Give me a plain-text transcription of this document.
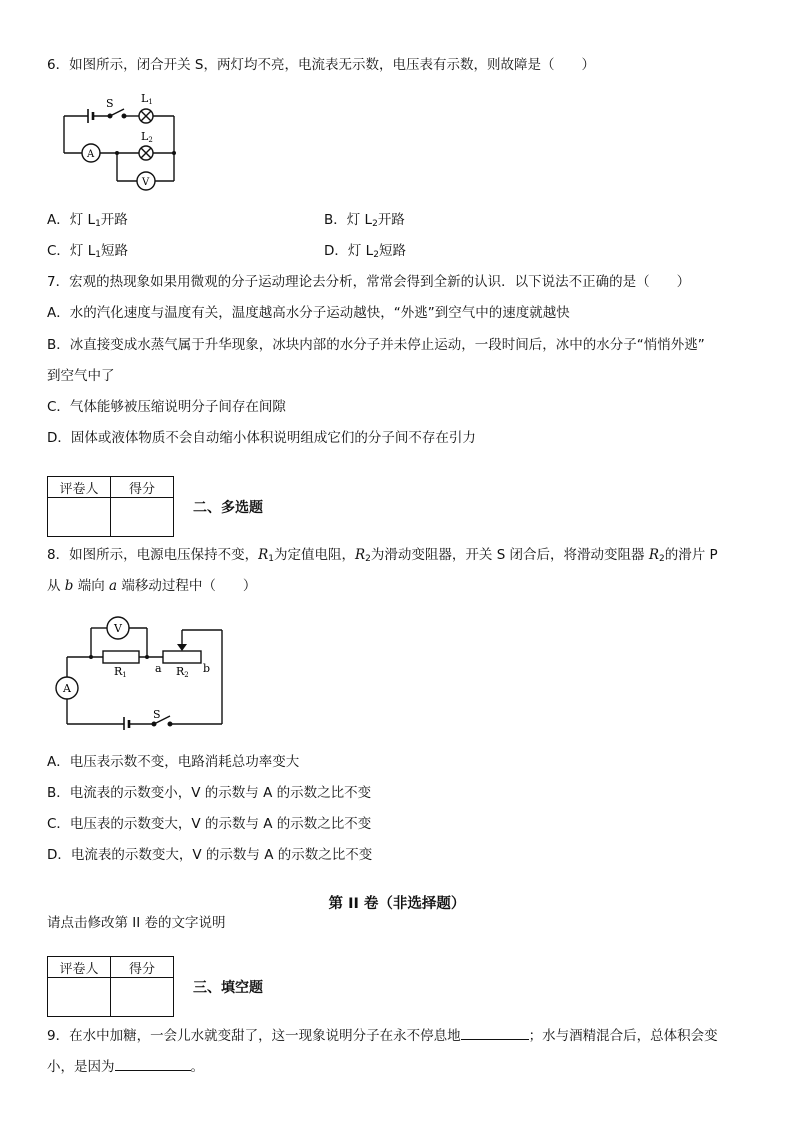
6．如图所示，闭合开关 S，两灯均不亮，电流表无示数，电压表有示数，则故障是（　　）
S L1
L2
A
V
A．灯 $L_1$开路	B．灯 $L_2$开路
C．灯 $L_1$短路	D．灯 $L_2$短路
7．宏观的热现象如果用微观的分子运动理论去分析，常常会得到全新的认识．以下说法不正确的是（　　）
A．水的汽化速度与温度有关，温度越高水分子运动越快，“外逃”到空气中的速度就越快
B．冰直接变成水蒸气属于升华现象，冰块内部的水分子并未停止运动，一段时间后，冰中的水分子“悄悄外逃”
到空气中了
C．气体能够被压缩说明分子间存在间隙
D．固体或液体物质不会自动缩小体积说明组成它们的分子间不存在引力
评卷人	得分

二、多选题
8．如图所示，电源电压保持不变，$R_1$为定值电阻，$R_2$为滑动变阻器，开关 S 闭合后，将滑动变阻器 $R_2$的滑片 P
从 b 端向 a 端移动过程中（　　）
V
A
R1	R2
a	b
S
A．电压表示数不变，电路消耗总功率变大
B．电流表的示数变小，V 的示数与 A 的示数之比不变
C．电压表的示数变大，V 的示数与 A 的示数之比不变
D．电流表的示数变大，V 的示数与 A 的示数之比不变
第 II 卷（非选择题）
请点击修改第 II 卷的文字说明
评卷人	得分

三、填空题
9．在水中加糖，一会儿水就变甜了，这一现象说明分子在永不停息地	；水与酒精混合后，总体积会变
小，是因为	。
